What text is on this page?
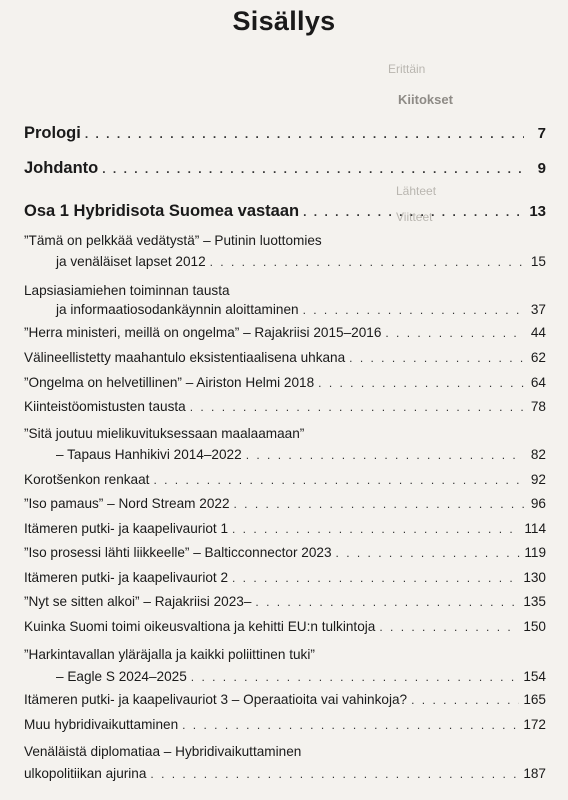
Erittäin
Kiitokset
Lähteet
Viitteet
Sisällys
Prologi . . .	7
Johdanto . . .	9
Osa 1 Hybridisota Suomea vastaan . . .	13
”Tämä on pelkkää vedätystä” – Putinin luottomies
ja venäläiset lapset 2012 . . .	15
Lapsiasiamiehen toiminnan tausta
ja informaatiosodankäynnin aloittaminen . . .	37
”Herra ministeri, meillä on ongelma” – Rajakriisi 2015–2016 . . .	44
Välineellistetty maahantulo eksistentiaalisena uhkana . . .	62
”Ongelma on helvetillinen” – Airiston Helmi 2018 . . .	64
Kiinteistöomistusten tausta . . .	78
”Sitä joutuu mielikuvituksessaan maalaamaan”
– Tapaus Hanhikivi 2014–2022 . . .	82
Korotšenkon renkaat . . .	92
”Iso pamaus” – Nord Stream 2022 . . .	96
Itämeren putki- ja kaapelivauriot 1 . . .	114
”Iso prosessi lähti liikkeelle” – Balticconnector 2023 . . .	119
Itämeren putki- ja kaapelivauriot 2 . . .	130
”Nyt se sitten alkoi” – Rajakriisi 2023– . . .	135
Kuinka Suomi toimi oikeusvaltiona ja kehitti EU:n tulkintoja . . .	150
”Harkintavallan yläräjalla ja kaikki poliittinen tuki”
– Eagle S 2024–2025 . . .	154
Itämeren putki- ja kaapelivauriot 3 – Operaatioita vai vahinkoja? . . .	165
Muu hybridivaikuttaminen . . .	172
Venäläistä diplomatiaa – Hybridivaikuttaminen
ulkopolitiikan ajurina . . .	187
